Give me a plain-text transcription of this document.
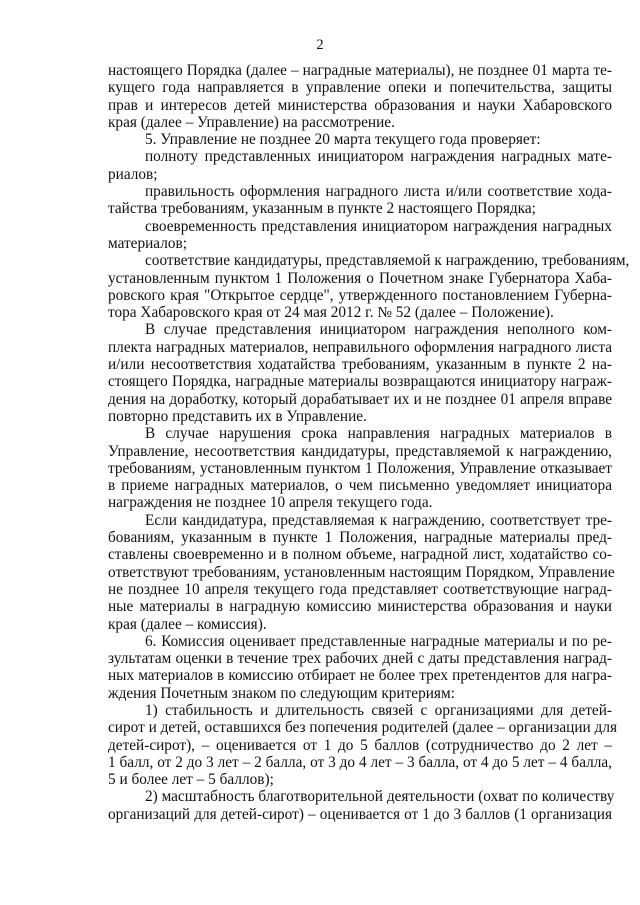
2
настоящего Порядка (далее – наградные материалы), не позднее 01 марта те-
кущего года направляется в управление опеки и попечительства, защиты
прав и интересов детей министерства образования и науки Хабаровского
края (далее – Управление) на рассмотрение.
5. Управление не позднее 20 марта текущего года проверяет:
полноту представленных инициатором награждения наградных мате-
риалов;
правильность оформления наградного листа и/или соответствие хода-
тайства требованиям, указанным в пункте 2 настоящего Порядка;
своевременность представления инициатором награждения наградных
материалов;
соответствие кандидатуры, представляемой к награждению, требованиям,
установленным пунктом 1 Положения о Почетном знаке Губернатора Хаба-
ровского края "Открытое сердце", утвержденного постановлением Губерна-
тора Хабаровского края от 24 мая 2012 г. № 52 (далее – Положение).
В случае представления инициатором награждения неполного ком-
плекта наградных материалов, неправильного оформления наградного листа
и/или несоответствия ходатайства требованиям, указанным в пункте 2 на-
стоящего Порядка, наградные материалы возвращаются инициатору награж-
дения на доработку, который дорабатывает их и не позднее 01 апреля вправе
повторно представить их в Управление.
В случае нарушения срока направления наградных материалов в
Управление, несоответствия кандидатуры, представляемой к награждению,
требованиям, установленным пунктом 1 Положения, Управление отказывает
в приеме наградных материалов, о чем письменно уведомляет инициатора
награждения не позднее 10 апреля текущего года.
Если кандидатура, представляемая к награждению, соответствует тре-
бованиям, указанным в пункте 1 Положения, наградные материалы пред-
ставлены своевременно и в полном объеме, наградной лист, ходатайство со-
ответствуют требованиям, установленным настоящим Порядком, Управление
не позднее 10 апреля текущего года представляет соответствующие наград-
ные материалы в наградную комиссию министерства образования и науки
края (далее – комиссия).
6. Комиссия оценивает представленные наградные материалы и по ре-
зультатам оценки в течение трех рабочих дней с даты представления наград-
ных материалов в комиссию отбирает не более трех претендентов для награ-
ждения Почетным знаком по следующим критериям:
1) стабильность и длительность связей с организациями для детей-
сирот и детей, оставшихся без попечения родителей (далее – организации для
детей-сирот), – оценивается от 1 до 5 баллов (сотрудничество до 2 лет –
1 балл, от 2 до 3 лет – 2 балла, от 3 до 4 лет – 3 балла, от 4 до 5 лет – 4 балла,
5 и более лет – 5 баллов);
2) масштабность благотворительной деятельности (охват по количеству
организаций для детей-сирот) – оценивается от 1 до 3 баллов (1 организация
